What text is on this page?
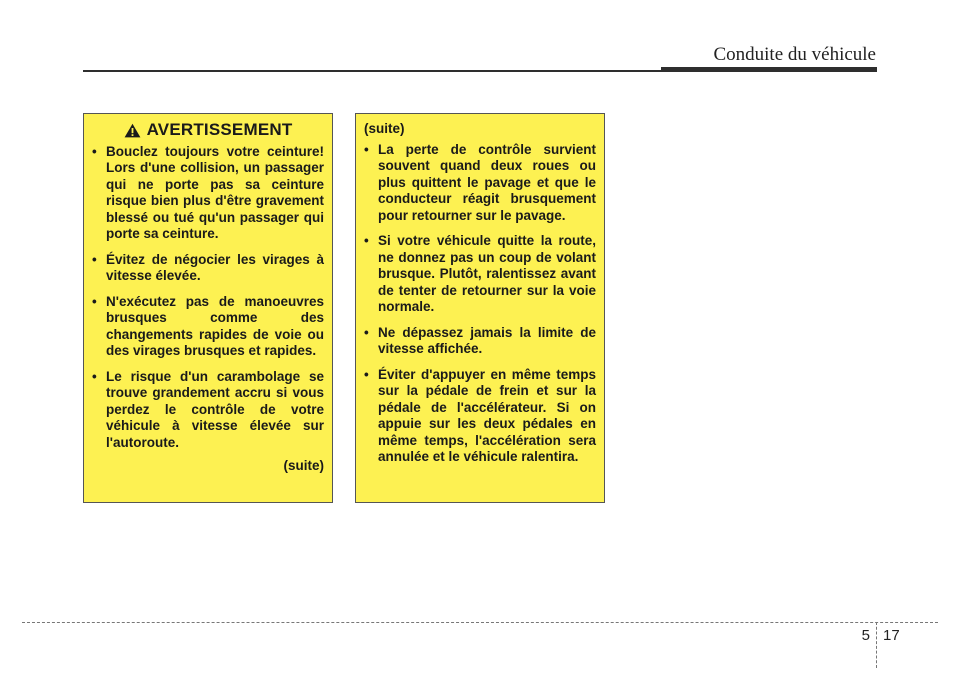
Conduite du véhicule
AVERTISSEMENT
• Bouclez toujours votre ceinture! Lors d'une collision, un passager qui ne porte pas sa ceinture risque bien plus d'être gravement blessé ou tué qu'un passager qui porte sa ceinture.
• Évitez de négocier les virages à vitesse élevée.
• N'exécutez pas de manoeuvres brusques comme des changements rapides de voie ou des virages brusques et rapides.
• Le risque d'un carambolage se trouve grandement accru si vous perdez le contrôle de votre véhicule à vitesse élevée sur l'autoroute.
(suite)
(suite)
• La perte de contrôle survient souvent quand deux roues ou plus quittent le pavage et que le conducteur réagit brusquement pour retourner sur le pavage.
• Si votre véhicule quitte la route, ne donnez pas un coup de volant brusque. Plutôt, ralentissez avant de tenter de retourner sur la voie normale.
• Ne dépassez jamais la limite de vitesse affichée.
• Éviter d'appuyer en même temps sur la pédale de frein et sur la pédale de l'accélérateur. Si on appuie sur les deux pédales en même temps, l'accélération sera annulée et le véhicule ralentira.
5 17
